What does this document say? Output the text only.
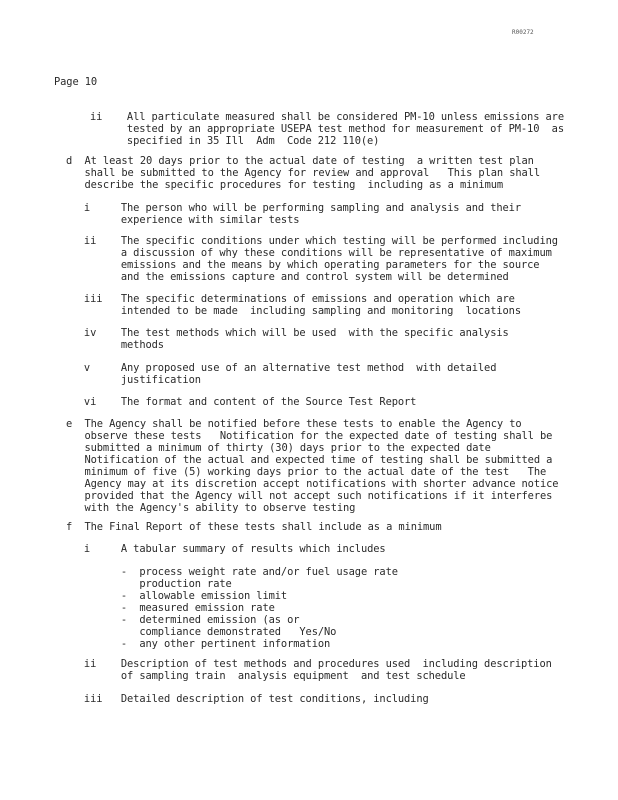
R00272
Page 10
ii    All particulate measured shall be considered PM-10 unless emissions are
tested by an appropriate USEPA test method for measurement of PM-10  as
specified in 35 Ill  Adm  Code 212 110(e)
d  At least 20 days prior to the actual date of testing  a written test plan
shall be submitted to the Agency for review and approval   This plan shall
describe the specific procedures for testing  including as a minimum
i     The person who will be performing sampling and analysis and their
experience with similar tests
ii    The specific conditions under which testing will be performed including
a discussion of why these conditions will be representative of maximum
emissions and the means by which operating parameters for the source
and the emissions capture and control system will be determined
iii   The specific determinations of emissions and operation which are
intended to be made  including sampling and monitoring  locations
iv    The test methods which will be used  with the specific analysis
methods
v     Any proposed use of an alternative test method  with detailed
justification
vi    The format and content of the Source Test Report
e  The Agency shall be notified before these tests to enable the Agency to
observe these tests   Notification for the expected date of testing shall be
submitted a minimum of thirty (30) days prior to the expected date
Notification of the actual and expected time of testing shall be submitted a
minimum of five (5) working days prior to the actual date of the test   The
Agency may at its discretion accept notifications with shorter advance notice
provided that the Agency will not accept such notifications if it interferes
with the Agency's ability to observe testing
f  The Final Report of these tests shall include as a minimum
i     A tabular summary of results which includes
-  process weight rate and/or fuel usage rate
production rate
-  allowable emission limit
-  measured emission rate
-  determined emission (as or
compliance demonstrated   Yes/No
-  any other pertinent information
ii    Description of test methods and procedures used  including description
of sampling train  analysis equipment  and test schedule
iii   Detailed description of test conditions, including
